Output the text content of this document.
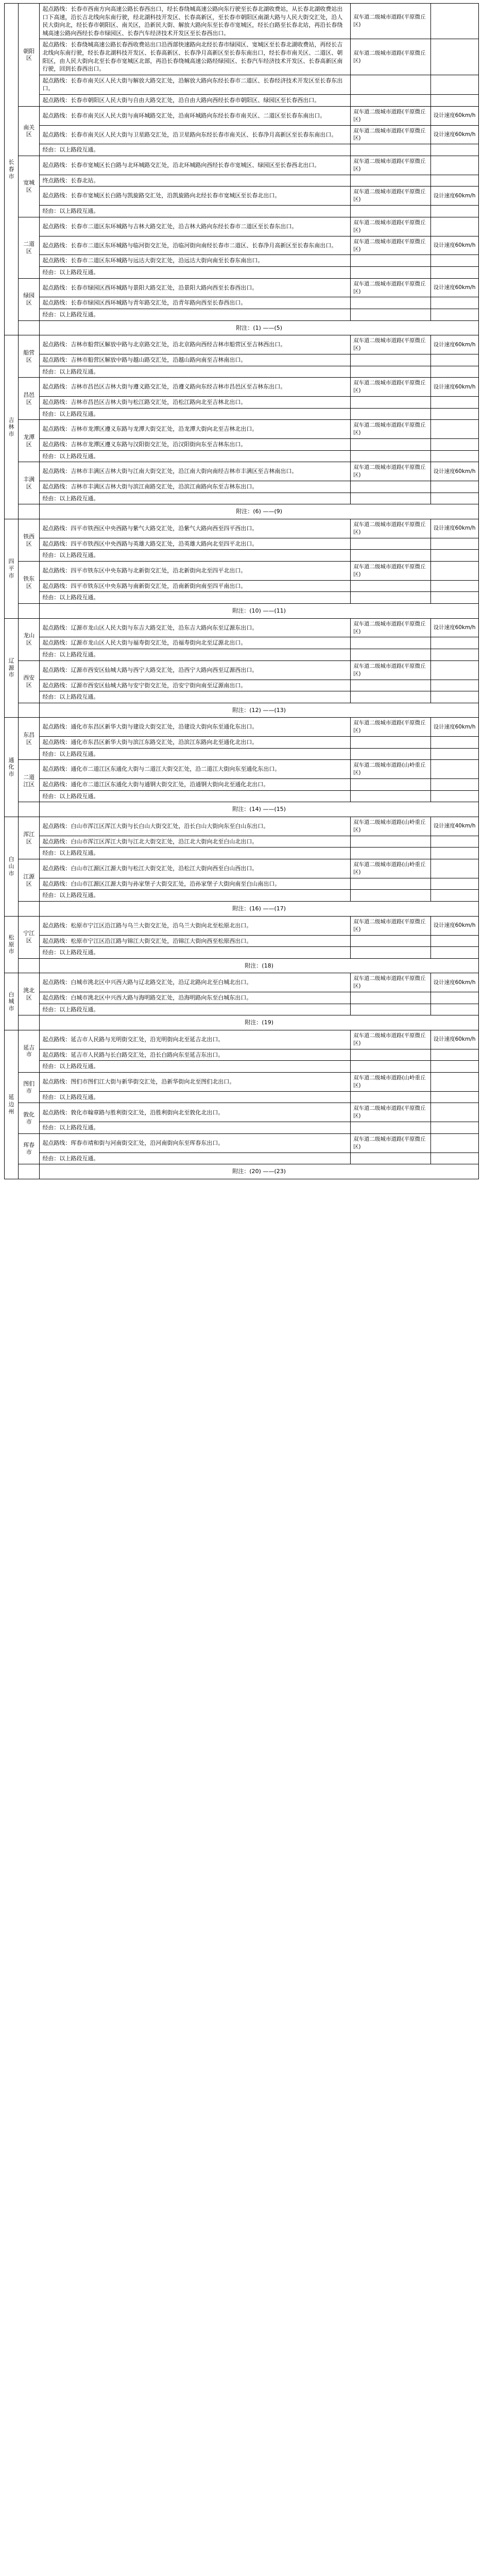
长春市	朝阳区	起点路线：长春市西南方向高速公路长春西出口，经长春绕城高速公路向东行驶至长春北湖收费站，从长春北湖收费站出口下高速，沿长吉北线向东南行驶，经北湖科技开发区、长春高新区，至长春市朝阳区南湖大路与人民大街交汇处，沿人民大街向北，经长春市朝阳区、南关区，沿新民大街、解放大路向东至长春市宽城区，经长白路至长春北站，再沿长春绕城高速公路向西经长春市绿园区、长春汽车经济技术开发区至长春西出口。	双车道二级城市道路(平原微丘区)	
		起点路线：长春绕城高速公路长春西收费站出口沿西部快速路向北经长春市绿园区、宽城区至长春北湖收费站，再经长吉北线向东南行驶，经长春北湖科技开发区、长春高新区、长春净月高新区至长春东南出口，经长春市南关区、二道区、朝阳区，由人民大街向北至长春市宽城区北部，再沿长春绕城高速公路经绿园区、长春汽车经济技术开发区、长春高新区南行驶，回到长春西出口。	双车道二级城市道路(平原微丘区)	
		起点路线：长春市南关区人民大街与解放大路交汇处，沿解放大路向东经长春市二道区、长春经济技术开发区至长春东出口。		
		起点路线：长春市朝阳区人民大街与自由大路交汇处，沿自由大路向西经长春市朝阳区、绿园区至长春西出口。		
	南关区	起点路线：长春市南关区人民大街与南环城路交汇处，沿南环城路向东经长春市南关区、二道区至长春东南出口。	双车道二级城市道路(平原微丘区)	设计速度60km/h
		起点路线：长春市南关区人民大街与卫星路交汇处，沿卫星路向东经长春市南关区、长春净月高新区至长春东南出口。	双车道二级城市道路(平原微丘区)	设计速度60km/h
		经由：以上路段互通。		
	宽城区	起点路线：长春市宽城区长白路与北环城路交汇处，沿北环城路向西经长春市宽城区、绿园区至长春西北出口。	双车道二级城市道路(平原微丘区)	
		终点路线：长春北站。		
		起点路线：长春市宽城区长白路与凯旋路交汇处，沿凯旋路向北经长春市宽城区至长春北出口。	双车道二级城市道路(平原微丘区)	设计速度60km/h
		经由：以上路段互通。		
	二道区	起点路线：长春市二道区东环城路与吉林大路交汇处，沿吉林大路向东经长春市二道区至长春东出口。	双车道二级城市道路(平原微丘区)	
		起点路线：长春市二道区东环城路与临河街交汇处，沿临河街向南经长春市二道区、长春净月高新区至长春东南出口。	双车道二级城市道路(平原微丘区)	设计速度60km/h
		起点路线：长春市二道区东环城路与远达大街交汇处，沿远达大街向南至长春东南出口。		
		经由：以上路段互通。		
	绿园区	起点路线：长春市绿园区西环城路与景阳大路交汇处，沿景阳大路向西至长春西出口。	双车道二级城市道路(平原微丘区)	设计速度60km/h
		起点路线：长春市绿园区西环城路与青年路交汇处，沿青年路向西至长春西出口。		
		经由：以上路段互通。		
		附注：(1) ——(5)		
吉林市	船营区	起点路线：吉林市船营区解放中路与北京路交汇处，沿北京路向西经吉林市船营区至吉林西出口。	双车道二级城市道路(平原微丘区)	设计速度60km/h
		起点路线：吉林市船营区解放中路与越山路交汇处，沿越山路向南至吉林南出口。		
		经由：以上路段互通。		
	昌邑区	起点路线：吉林市昌邑区吉林大街与遵义路交汇处，沿遵义路向东经吉林市昌邑区至吉林东出口。	双车道二级城市道路(平原微丘区)	设计速度60km/h
		起点路线：吉林市昌邑区吉林大街与松江路交汇处，沿松江路向北至吉林北出口。		
		经由：以上路段互通。		
	龙潭区	起点路线：吉林市龙潭区遵义东路与龙潭大街交汇处，沿龙潭大街向北至吉林北出口。	双车道二级城市道路(平原微丘区)	
		起点路线：吉林市龙潭区遵义东路与汉阳街交汇处，沿汉阳街向东至吉林东出口。		
		经由：以上路段互通。		
	丰满区	起点路线：吉林市丰满区吉林大街与江南大街交汇处，沿江南大街向南经吉林市丰满区至吉林南出口。	双车道二级城市道路(平原微丘区)	设计速度60km/h
		起点路线：吉林市丰满区吉林大街与滨江南路交汇处，沿滨江南路向东至吉林东出口。		
		经由：以上路段互通。		
		附注：(6) ——(9)		
四平市	铁西区	起点路线：四平市铁西区中央西路与紫气大路交汇处，沿紫气大路向西至四平西出口。	双车道二级城市道路(平原微丘区)	设计速度60km/h
		起点路线：四平市铁西区中央西路与英雄大路交汇处，沿英雄大路向北至四平北出口。		
		经由：以上路段互通。		
	铁东区	起点路线：四平市铁东区中央东路与北新街交汇处，沿北新街向北至四平北出口。	双车道二级城市道路(平原微丘区)	
		起点路线：四平市铁东区中央东路与南新街交汇处，沿南新街向南至四平南出口。		
		经由：以上路段互通。		
		附注：(10) ——(11)		
辽源市	龙山区	起点路线：辽源市龙山区人民大街与东吉大路交汇处，沿东吉大路向东至辽源东出口。	双车道二级城市道路(平原微丘区)	设计速度60km/h
		起点路线：辽源市龙山区人民大街与福寿街交汇处，沿福寿街向北至辽源北出口。		
		经由：以上路段互通。		
	西安区	起点路线：辽源市西安区仙城大路与西宁大路交汇处，沿西宁大路向西至辽源西出口。	双车道二级城市道路(平原微丘区)	
		起点路线：辽源市西安区仙城大路与安宁街交汇处，沿安宁街向南至辽源南出口。		
		经由：以上路段互通。		
		附注：(12) ——(13)		
通化市	东昌区	起点路线：通化市东昌区新华大街与建设大街交汇处，沿建设大街向东至通化东出口。	双车道二级城市道路(平原微丘区)	设计速度60km/h
		起点路线：通化市东昌区新华大街与滨江东路交汇处，沿滨江东路向北至通化北出口。		
		经由：以上路段互通。		
	二道江区	起点路线：通化市二道江区东通化大街与二道江大街交汇处，沿二道江大街向东至通化东出口。	双车道二级城市道路(山岭重丘区)	
		起点路线：通化市二道江区东通化大街与通钢大街交汇处，沿通钢大街向北至通化北出口。		
		经由：以上路段互通。		
		附注：(14) ——(15)		
白山市	浑江区	起点路线：白山市浑江区浑江大街与长白山大街交汇处，沿长白山大街向东至白山东出口。	双车道二级城市道路(山岭重丘区)	设计速度40km/h
		起点路线：白山市浑江区浑江大街与江北大街交汇处，沿江北大街向北至白山北出口。		
		经由：以上路段互通。		
	江源区	起点路线：白山市江源区江源大街与松江大街交汇处，沿松江大街向西至白山西出口。	双车道二级城市道路(山岭重丘区)	
		起点路线：白山市江源区江源大街与孙家堡子大街交汇处，沿孙家堡子大街向南至白山南出口。		
		经由：以上路段互通。		
		附注：(16) ——(17)		
松原市	宁江区	起点路线：松原市宁江区沿江路与乌兰大街交汇处，沿乌兰大街向北至松原北出口。	双车道二级城市道路(平原微丘区)	设计速度60km/h
		起点路线：松原市宁江区沿江路与锦江大街交汇处，沿锦江大街向西至松原西出口。		
		经由：以上路段互通。		
		附注：(18)		
白城市	洮北区	起点路线：白城市洮北区中兴西大路与辽北路交汇处，沿辽北路向北至白城北出口。	双车道二级城市道路(平原微丘区)	设计速度60km/h
		起点路线：白城市洮北区中兴西大路与海明路交汇处，沿海明路向东至白城东出口。		
		经由：以上路段互通。		
		附注：(19)		
延边州	延吉市	起点路线：延吉市人民路与光明街交汇处，沿光明街向北至延吉北出口。	双车道二级城市道路(平原微丘区)	设计速度60km/h
		起点路线：延吉市人民路与长白路交汇处，沿长白路向东至延吉东出口。		
		经由：以上路段互通。		
	图们市	起点路线：图们市图们江大街与新华街交汇处，沿新华街向北至图们北出口。	双车道二级城市道路(山岭重丘区)	
		经由：以上路段互通。		
	敦化市	起点路线：敦化市翰章路与胜利街交汇处，沿胜利街向北至敦化北出口。	双车道二级城市道路(平原微丘区)	
		经由：以上路段互通。		
	珲春市	起点路线：珲春市靖和街与河南街交汇处，沿河南街向东至珲春东出口。	双车道二级城市道路(平原微丘区)	
		经由：以上路段互通。		
		附注：(20) ——(23)		
